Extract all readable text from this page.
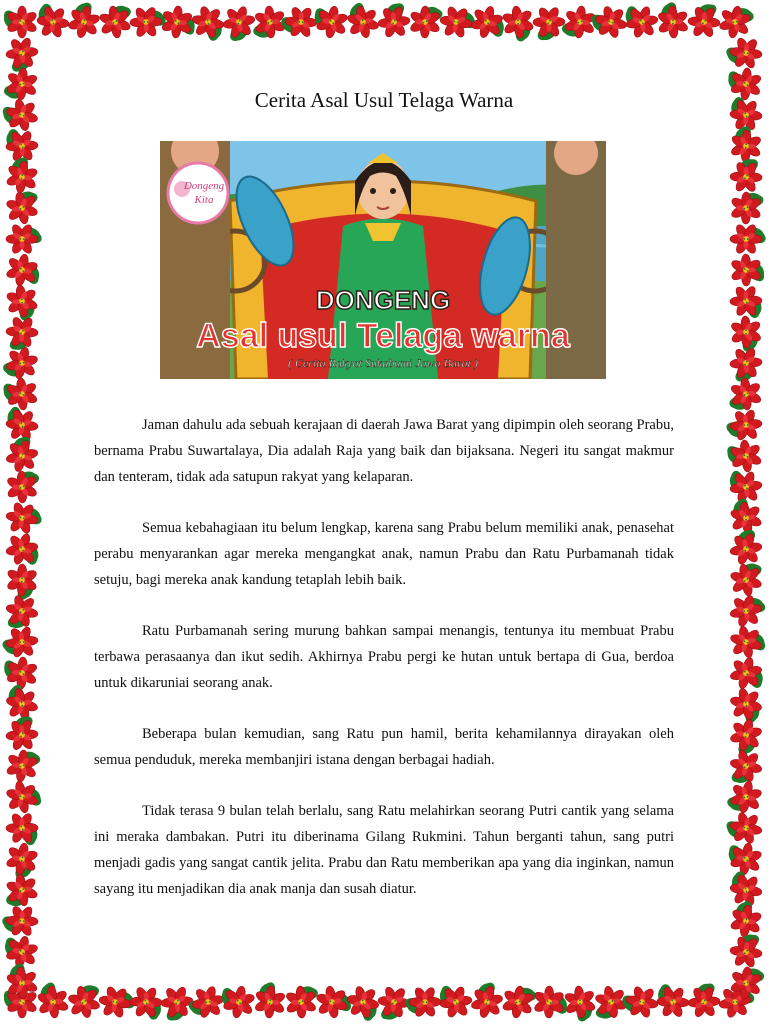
Cerita Asal Usul Telaga Warna
Dongeng
Kita
DONGENG
Asal usul Telaga warna
( Cerita Rakyat Sukabumi Jawa Barat )

Jaman dahulu ada sebuah kerajaan di daerah Jawa Barat yang dipimpin oleh seorang Prabu, bernama Prabu Suwartalaya, Dia adalah Raja yang baik dan bijaksana. Negeri itu sangat makmur dan tenteram, tidak ada satupun rakyat yang kelaparan.

Semua kebahagiaan itu belum lengkap, karena sang Prabu belum memiliki anak, penasehat perabu menyarankan agar mereka mengangkat anak, namun Prabu dan Ratu Purbamanah tidak setuju, bagi mereka anak kandung tetaplah lebih baik.

Ratu Purbamanah sering murung bahkan sampai menangis, tentunya itu membuat Prabu terbawa perasaanya dan ikut sedih. Akhirnya Prabu pergi ke hutan untuk bertapa di Gua, berdoa untuk dikaruniai seorang anak.

Beberapa bulan kemudian, sang Ratu pun hamil, berita kehamilannya dirayakan oleh semua penduduk, mereka membanjiri istana dengan berbagai hadiah.

Tidak terasa 9 bulan telah berlalu, sang Ratu melahirkan seorang Putri cantik yang selama ini meraka dambakan. Putri itu diberinama Gilang Rukmini. Tahun berganti tahun, sang putri menjadi gadis yang sangat cantik jelita. Prabu dan Ratu memberikan apa yang dia inginkan, namun sayang itu menjadikan dia anak manja dan susah diatur.
